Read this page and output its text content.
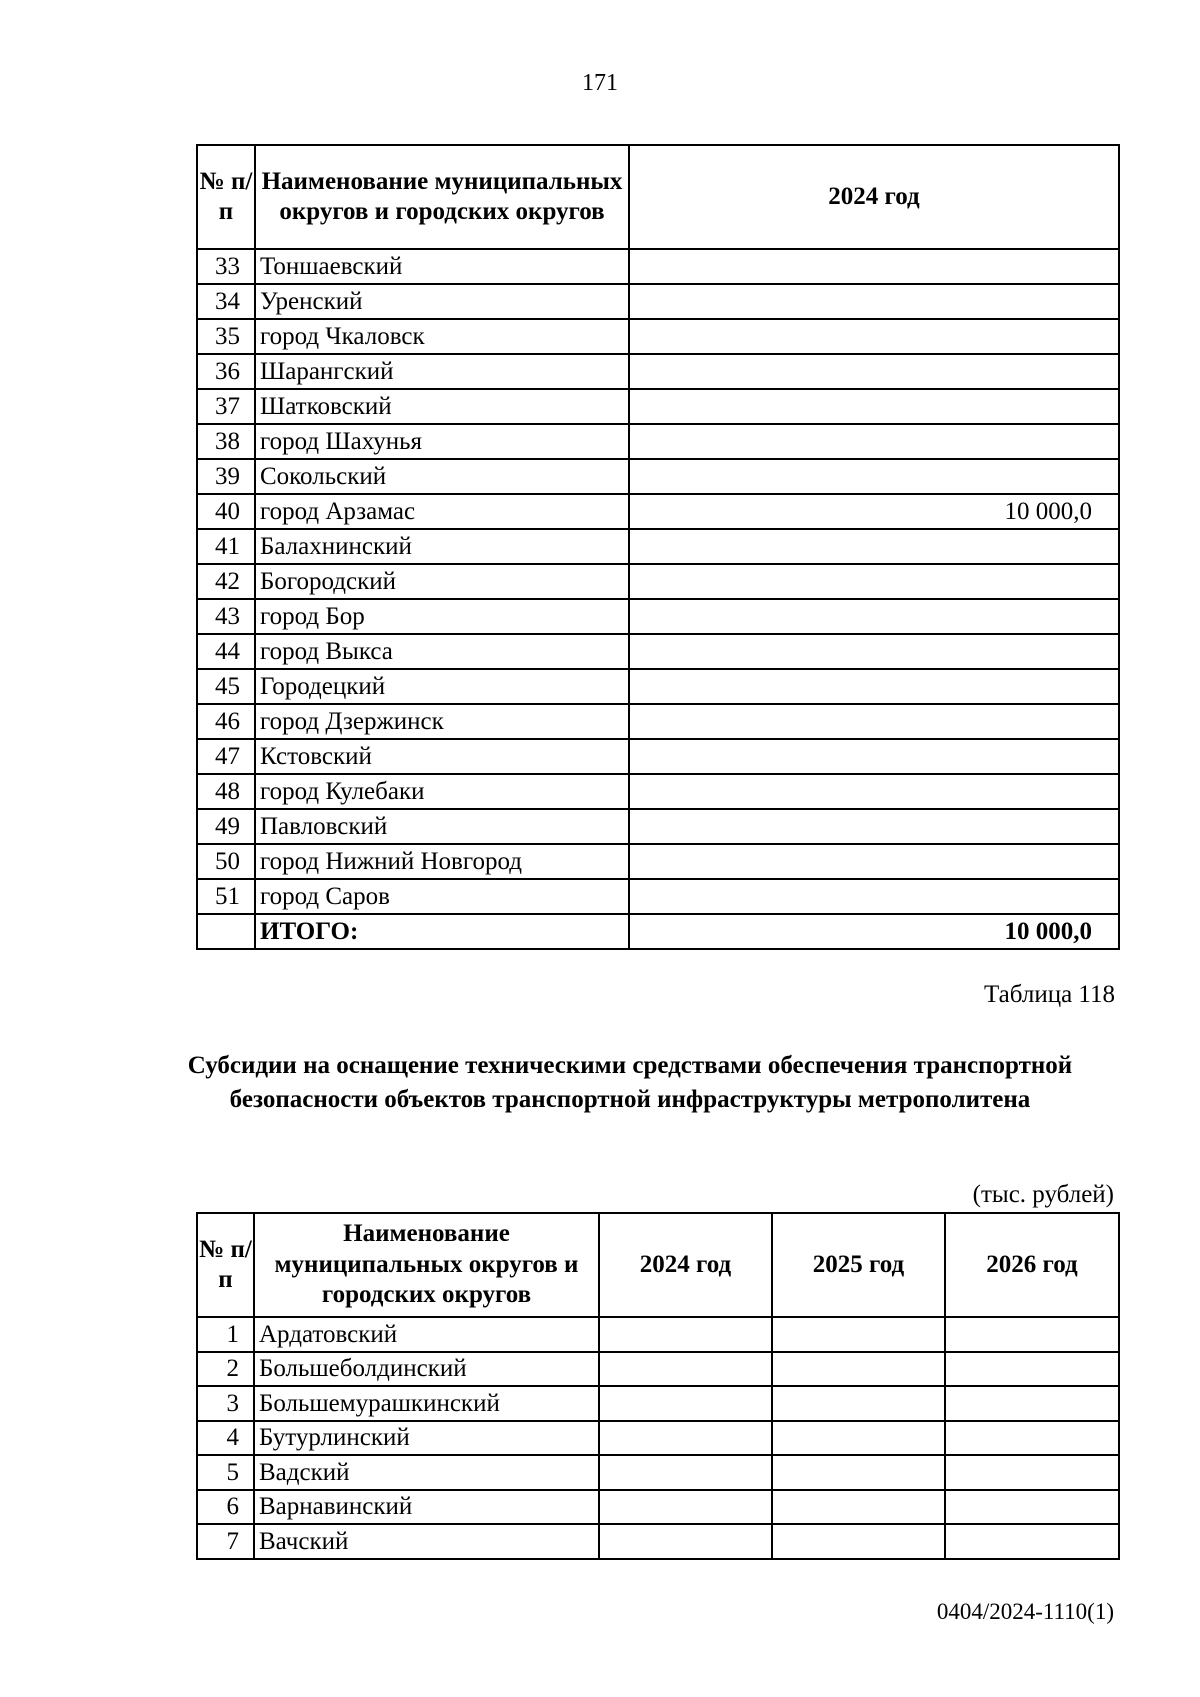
171
№ п/п	Наименование муниципальных округов и городских округов	2024 год
33	Тоншаевский	
34	Уренский	
35	город Чкаловск	
36	Шарангский	
37	Шатковский	
38	город Шахунья	
39	Сокольский	
40	город Арзамас	10 000,0
41	Балахнинский	
42	Богородский	
43	город Бор	
44	город Выкса	
45	Городецкий	
46	город Дзержинск	
47	Кстовский	
48	город Кулебаки	
49	Павловский	
50	город Нижний Новгород	
51	город Саров	
	ИТОГО:	10 000,0
Таблица 118
Субсидии на оснащение техническими средствами обеспечения транспортной безопасности объектов транспортной инфраструктуры метрополитена
(тыс. рублей)
№ п/п	Наименование муниципальных округов и городских округов	2024 год	2025 год	2026 год
1	Ардатовский			
2	Большеболдинский			
3	Большемурашкинский			
4	Бутурлинский			
5	Вадский			
6	Варнавинский			
7	Вачский			
0404/2024-1110(1)
